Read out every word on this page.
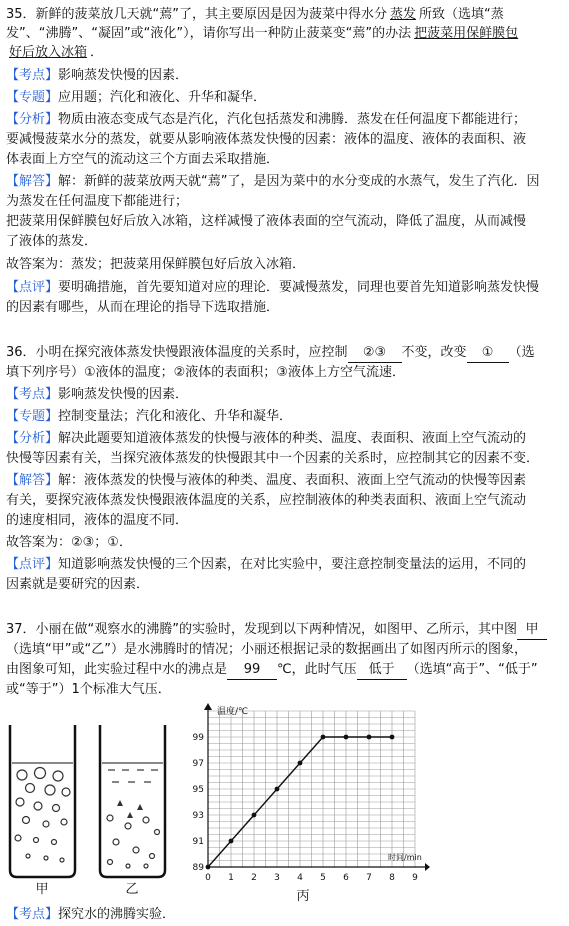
35．新鲜的菠菜放几天就“蔫”了，其主要原因是因为菠菜中得水分 蒸发 所致（选填“蒸
发”、“沸腾”、“凝固”或“液化”），请你写出一种防止菠菜变“蔫”的办法 把菠菜用保鲜膜包
好后放入冰箱 ．
【考点】影响蒸发快慢的因素．
【专题】应用题；汽化和液化、升华和凝华．
【分析】物质由液态变成气态是汽化，汽化包括蒸发和沸腾．蒸发在任何温度下都能进行；
要减慢菠菜水分的蒸发，就要从影响液体蒸发快慢的因素：液体的温度、液体的表面积、液
体表面上方空气的流动这三个方面去采取措施．
【解答】解：新鲜的菠菜放两天就“蔫”了，是因为菜中的水分变成的水蒸气，发生了汽化．因
为蒸发在任何温度下都能进行；
把菠菜用保鲜膜包好后放入冰箱，这样减慢了液体表面的空气流动，降低了温度，从而减慢
了液体的蒸发．
故答案为：蒸发；把菠菜用保鲜膜包好后放入冰箱．
【点评】要明确措施，首先要知道对应的理论．要减慢蒸发，同理也要首先知道影响蒸发快慢
的因素有哪些，从而在理论的指导下选取措施．
36．小明在探究液体蒸发快慢跟液体温度的关系时，应控制 ②③ 不变，改变 ① （选
填下列序号）①液体的温度；②液体的表面积；③液体上方空气流速．
【考点】影响蒸发快慢的因素．
【专题】控制变量法；汽化和液化、升华和凝华．
【分析】解决此题要知道液体蒸发的快慢与液体的种类、温度、表面积、液面上空气流动的
快慢等因素有关，当探究液体蒸发的快慢跟其中一个因素的关系时，应控制其它的因素不变．
【解答】解：液体蒸发的快慢与液体的种类、温度、表面积、液面上空气流动的快慢等因素
有关，要探究液体蒸发快慢跟液体温度的关系，应控制液体的种类表面积、液面上空气流动
的速度相同，液体的温度不同．
故答案为：②③；①．
【点评】知道影响蒸发快慢的三个因素，在对比实验中，要注意控制变量法的运用，不同的
因素就是要研究的因素．
37．小丽在做“观察水的沸腾”的实验时，发现到以下两种情况，如图甲、乙所示，其中图 甲
（选填“甲”或“乙”）是水沸腾时的情况；小丽还根据记录的数据画出了如图丙所示的图象，
由图象可知，此实验过程中水的沸点是 99 ℃，此时气压 低于 （选填“高于”、“低于”
或“等于”）1个标准大气压．
甲	乙
0 1 2 3 4 5 6 7 8 9
89
91
93
95
97
99
温度/℃
时间/min
丙
【考点】探究水的沸腾实验．
